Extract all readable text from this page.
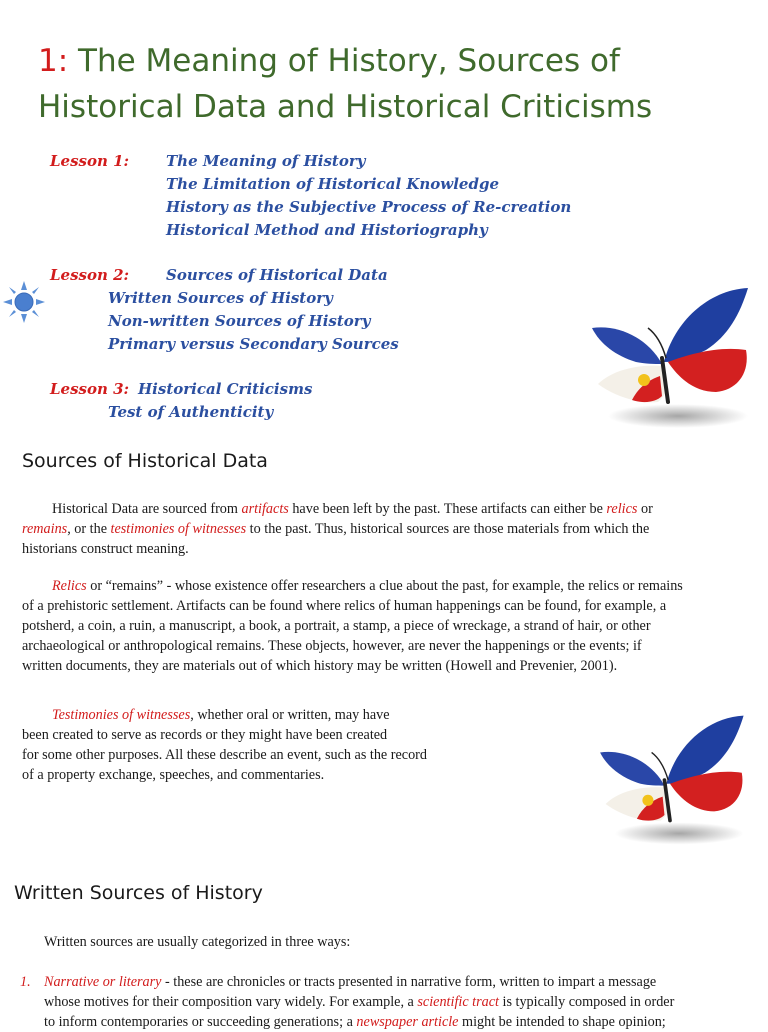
1: The Meaning of History, Sources of
Historical Data and Historical Criticisms
Lesson 1: The Meaning of History
The Limitation of Historical Knowledge
History as the Subjective Process of Re-creation
Historical Method and Historiography
Lesson 2: Sources of Historical Data
Written Sources of History
Non-written Sources of History
Primary versus Secondary Sources
Lesson 3: Historical Criticisms
Test of Authenticity
Sources of Historical Data

Historical Data are sourced from artifacts have been left by the past. These artifacts can either be relics or
remains, or the testimonies of witnesses to the past. Thus, historical sources are those materials from which the
historians construct meaning.

Relics or “remains” - whose existence offer researchers a clue about the past, for example, the relics or remains
of a prehistoric settlement. Artifacts can be found where relics of human happenings can be found, for example, a
potsherd, a coin, a ruin, a manuscript, a book, a portrait, a stamp, a piece of wreckage, a strand of hair, or other
archaeological or anthropological remains. These objects, however, are never the happenings or the events; if
written documents, they are materials out of which history may be written (Howell and Prevenier, 2001).

Testimonies of witnesses, whether oral or written, may have
been created to serve as records or they might have been created
for some other purposes. All these describe an event, such as the record
of a property exchange, speeches, and commentaries.

Written Sources of History

Written sources are usually categorized in three ways:

1. Narrative or literary - these are chronicles or tracts presented in narrative form, written to impart a message
whose motives for their composition vary widely. For example, a scientific tract is typically composed in order
to inform contemporaries or succeeding generations; a newspaper article might be intended to shape opinion;
